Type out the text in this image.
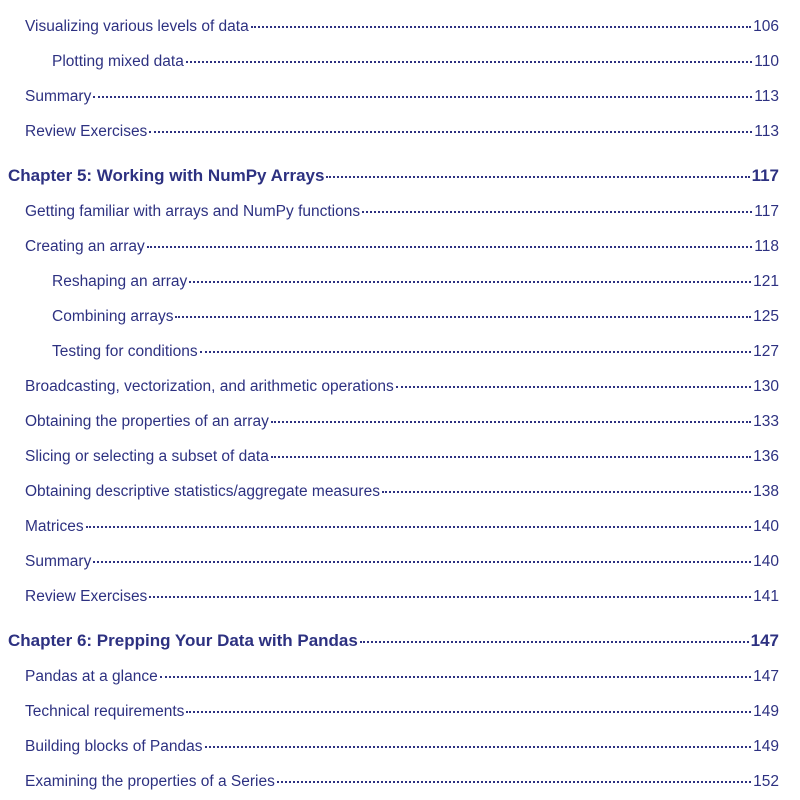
Visualizing various levels of data	106
Plotting mixed data	110
Summary	113
Review Exercises	113
Chapter 5: Working with NumPy Arrays	117
Getting familiar with arrays and NumPy functions	117
Creating an array	118
Reshaping an array	121
Combining arrays	125
Testing for conditions	127
Broadcasting, vectorization, and arithmetic operations	130
Obtaining the properties of an array	133
Slicing or selecting a subset of data	136
Obtaining descriptive statistics/aggregate measures	138
Matrices	140
Summary	140
Review Exercises	141
Chapter 6: Prepping Your Data with Pandas	147
Pandas at a glance	147
Technical requirements	149
Building blocks of Pandas	149
Examining the properties of a Series	152
